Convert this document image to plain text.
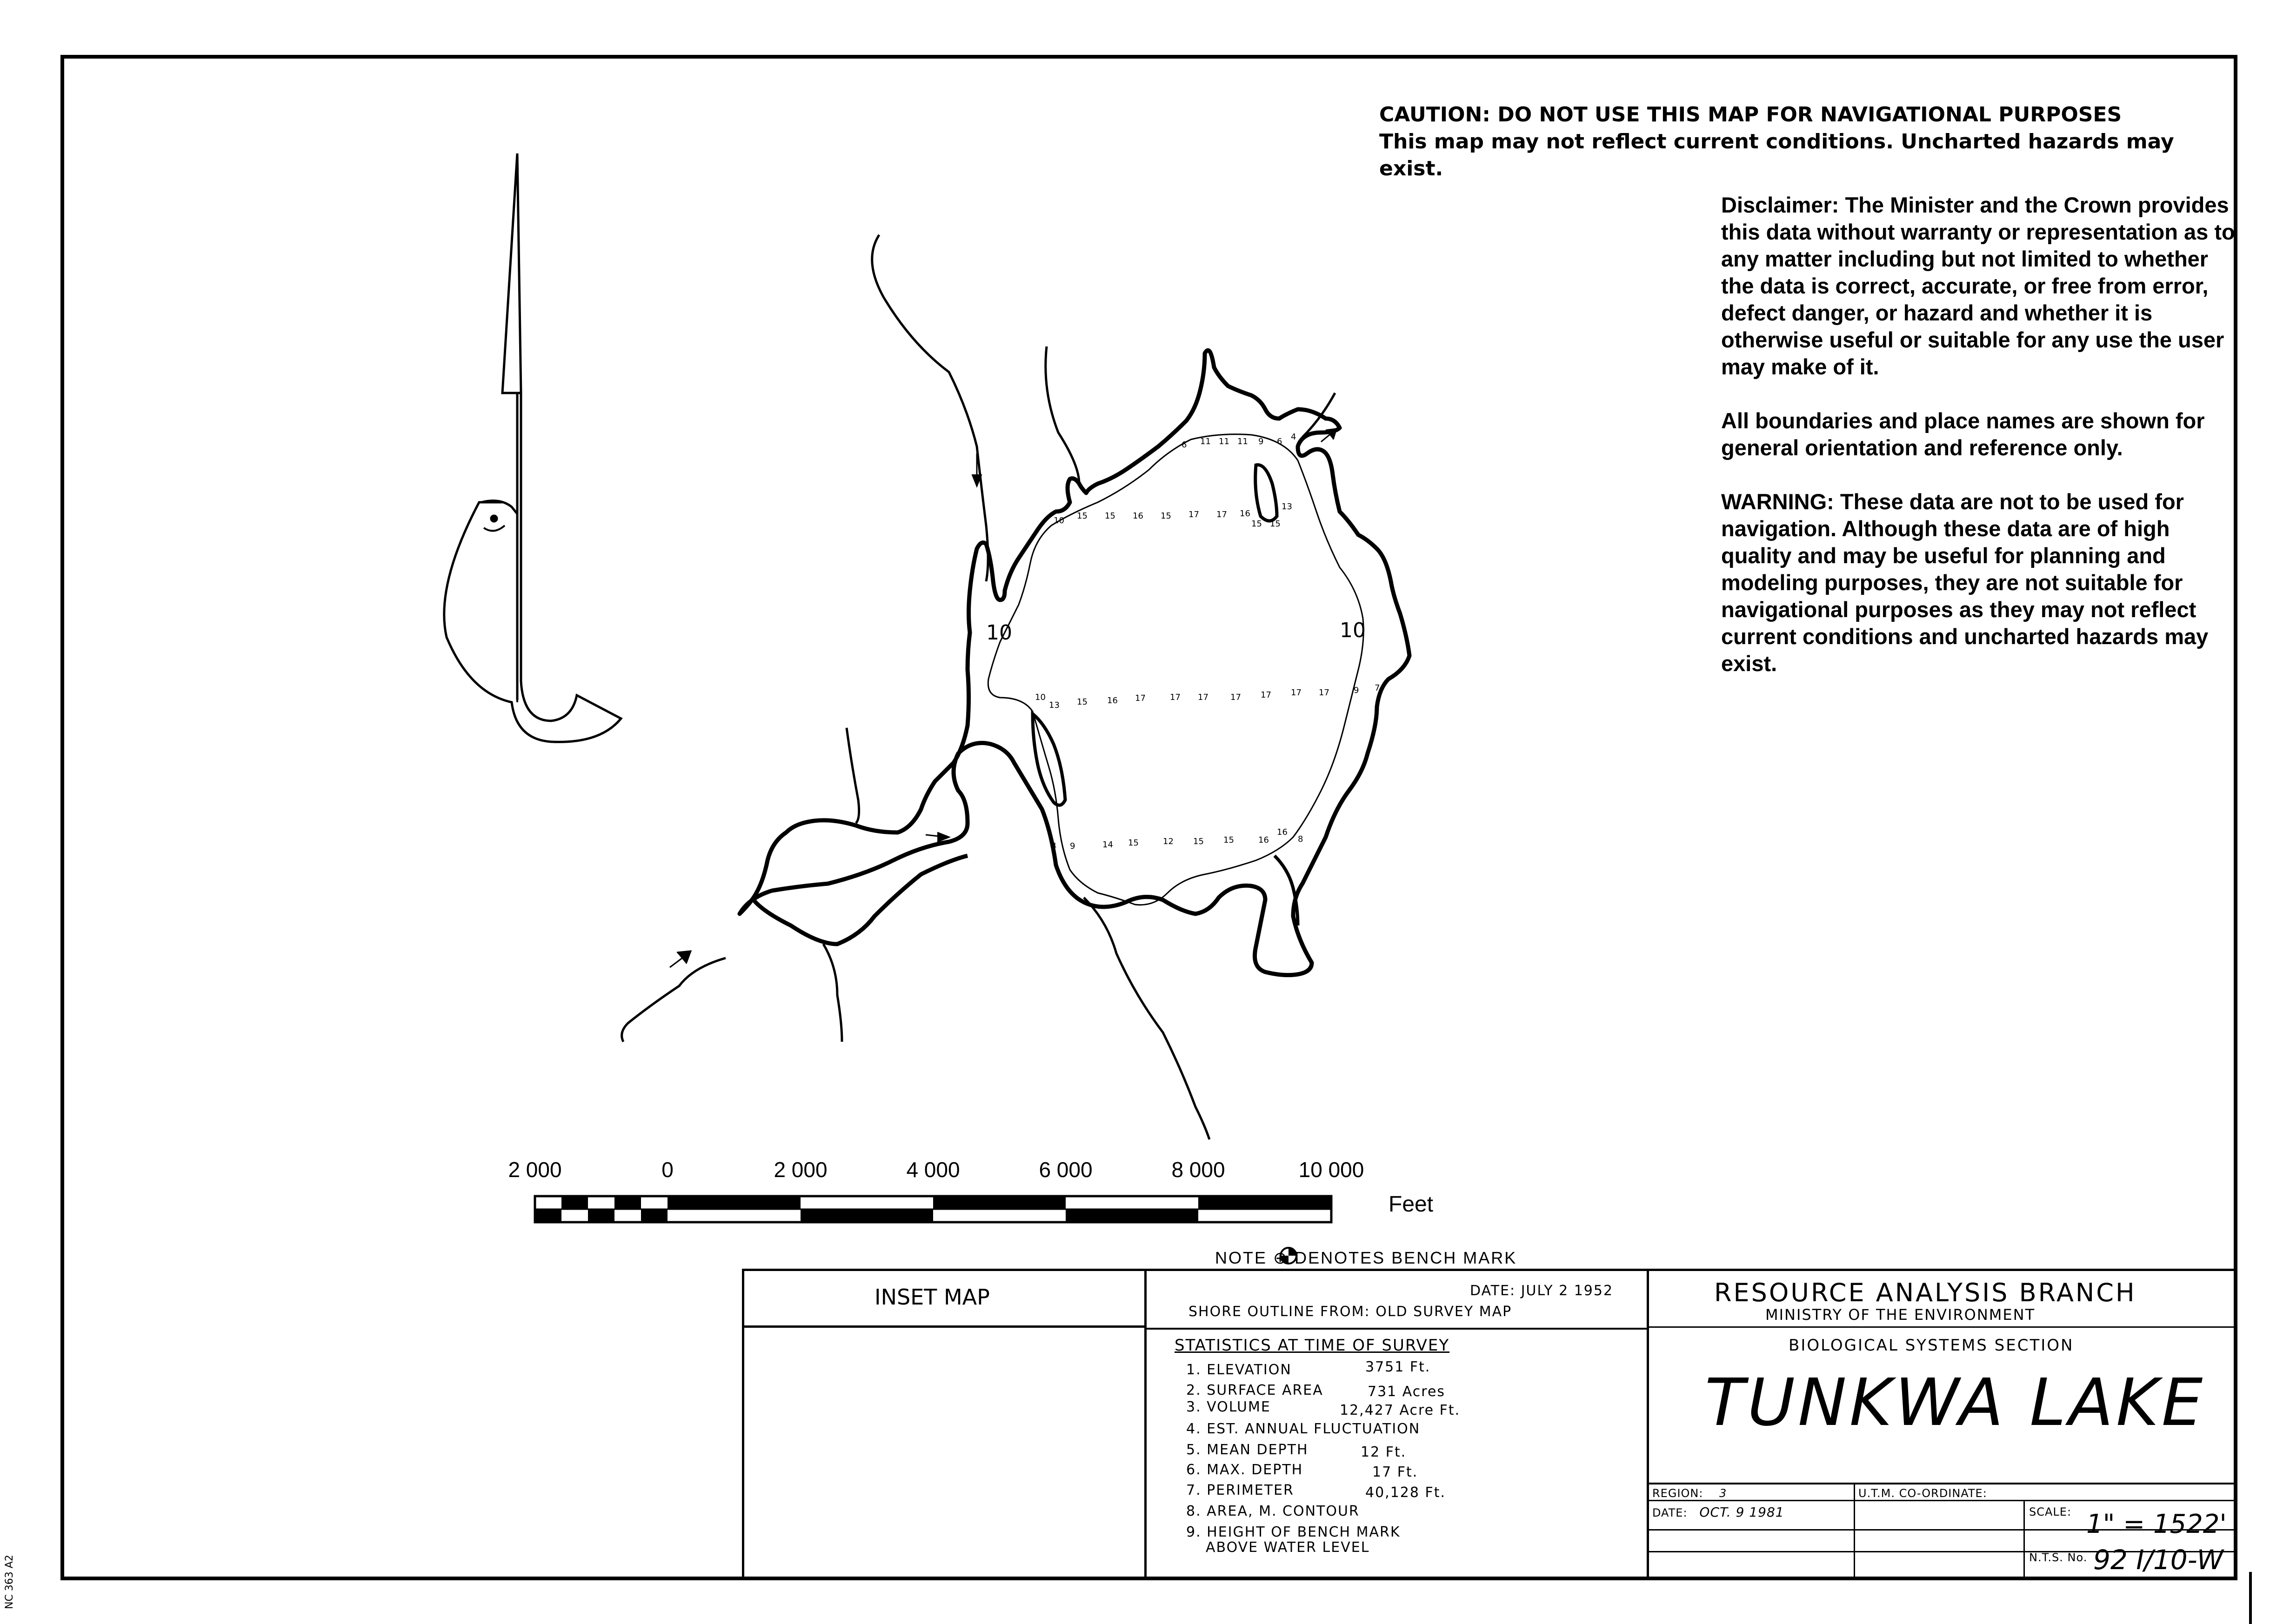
CAUTION: DO NOT USE THIS MAP FOR NAVIGATIONAL PURPOSES
This map may not reflect current conditions. Uncharted hazards may exist.

Disclaimer: The Minister and the Crown provides this data without warranty or representation as to any matter including but not limited to whether the data is correct, accurate, or free from error, defect danger, or hazard and whether it is otherwise useful or suitable for any use the user may make of it.

All boundaries and place names are shown for general orientation and reference only.

WARNING: These data are not to be used for navigation. Although these data are of high quality and may be useful for planning and modeling purposes, they are not suitable for navigational purposes as they may not reflect current conditions and uncharted hazards may exist.

10	10
6 11 11 11 9 6 4
10 15 15 16 15 17 17 16
15 15
13
10
13 15 16 17	17 17	17 17 17 17	9 7
4 9	14 15	12 15 15	16
16
8
2 000	0	2 000	4 000	6 000	8 000	10 000
Feet
NOTE ⊕ DENOTES BENCH MARK
INSET MAP	DATE: JULY 2 1952
SHORE OUTLINE FROM: OLD SURVEY MAP
STATISTICS AT TIME OF SURVEY
1. ELEVATION	3751 Ft.
2. SURFACE AREA	731 Acres
3. VOLUME	12,427 Acre Ft.
4. EST. ANNUAL FLUCTUATION
5. MEAN DEPTH	12 Ft.
6. MAX. DEPTH	17 Ft.
7. PERIMETER	40,128 Ft.
8. AREA, M. CONTOUR
9. HEIGHT OF BENCH MARK
ABOVE WATER LEVEL
RESOURCE ANALYSIS BRANCH
MINISTRY OF THE ENVIRONMENT
BIOLOGICAL SYSTEMS SECTION
TUNKWA LAKE
REGION: 3	U.T.M. CO-ORDINATE:
DATE: OCT. 9 1981	SCALE: 1" = 1522'
N.T.S. No. 92 I/10-W
NC 363 A2
